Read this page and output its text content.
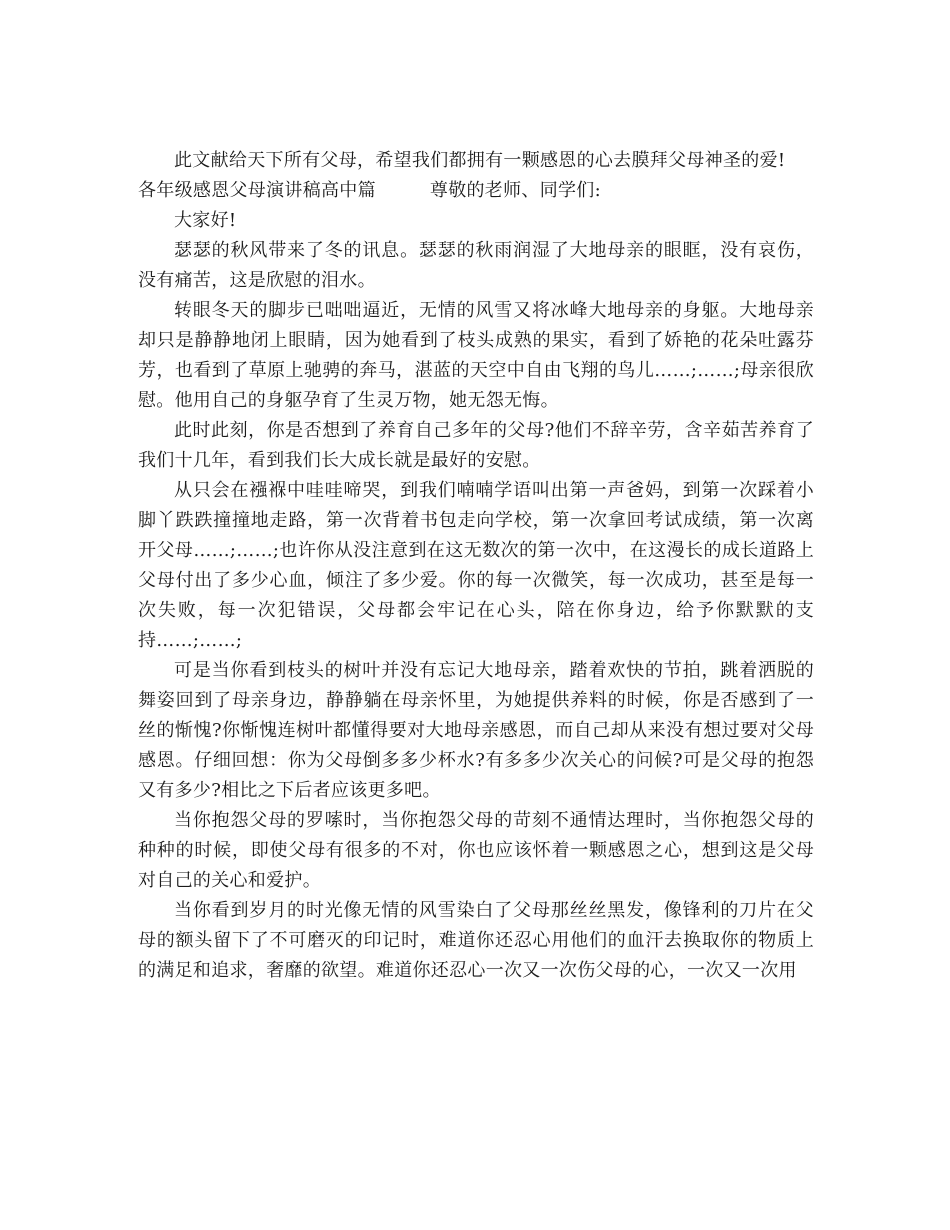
此文献给天下所有父母，希望我们都拥有一颗感恩的心去膜拜父母神圣的爱!

各年级感恩父母演讲稿高中篇	尊敬的老师、同学们:

大家好!

瑟瑟的秋风带来了冬的讯息。瑟瑟的秋雨润湿了大地母亲的眼眶，没有哀伤，没有痛苦，这是欣慰的泪水。

转眼冬天的脚步已咄咄逼近，无情的风雪又将冰峰大地母亲的身躯。大地母亲却只是静静地闭上眼睛，因为她看到了枝头成熟的果实，看到了娇艳的花朵吐露芬芳，也看到了草原上驰骋的奔马，湛蓝的天空中自由飞翔的鸟儿……;……;母亲很欣慰。他用自己的身躯孕育了生灵万物，她无怨无悔。

此时此刻，你是否想到了养育自己多年的父母?他们不辞辛劳，含辛茹苦养育了我们十几年，看到我们长大成长就是最好的安慰。

从只会在襁褓中哇哇啼哭，到我们喃喃学语叫出第一声爸妈，到第一次踩着小脚丫跌跌撞撞地走路，第一次背着书包走向学校，第一次拿回考试成绩，第一次离开父母……;……;也许你从没注意到在这无数次的第一次中，在这漫长的成长道路上父母付出了多少心血，倾注了多少爱。你的每一次微笑，每一次成功，甚至是每一次失败，每一次犯错误，父母都会牢记在心头，陪在你身边，给予你默默的支持……;……;

可是当你看到枝头的树叶并没有忘记大地母亲，踏着欢快的节拍，跳着洒脱的舞姿回到了母亲身边，静静躺在母亲怀里，为她提供养料的时候，你是否感到了一丝的惭愧?你惭愧连树叶都懂得要对大地母亲感恩，而自己却从来没有想过要对父母感恩。仔细回想：你为父母倒多多少杯水?有多多少次关心的问候?可是父母的抱怨又有多少?相比之下后者应该更多吧。

当你抱怨父母的罗嗦时，当你抱怨父母的苛刻不通情达理时，当你抱怨父母的种种的时候，即使父母有很多的不对，你也应该怀着一颗感恩之心，想到这是父母对自己的关心和爱护。

当你看到岁月的时光像无情的风雪染白了父母那丝丝黑发，像锋利的刀片在父母的额头留下了不可磨灭的印记时，难道你还忍心用他们的血汗去换取你的物质上的满足和追求，奢靡的欲望。难道你还忍心一次又一次伤父母的心，一次又一次用
